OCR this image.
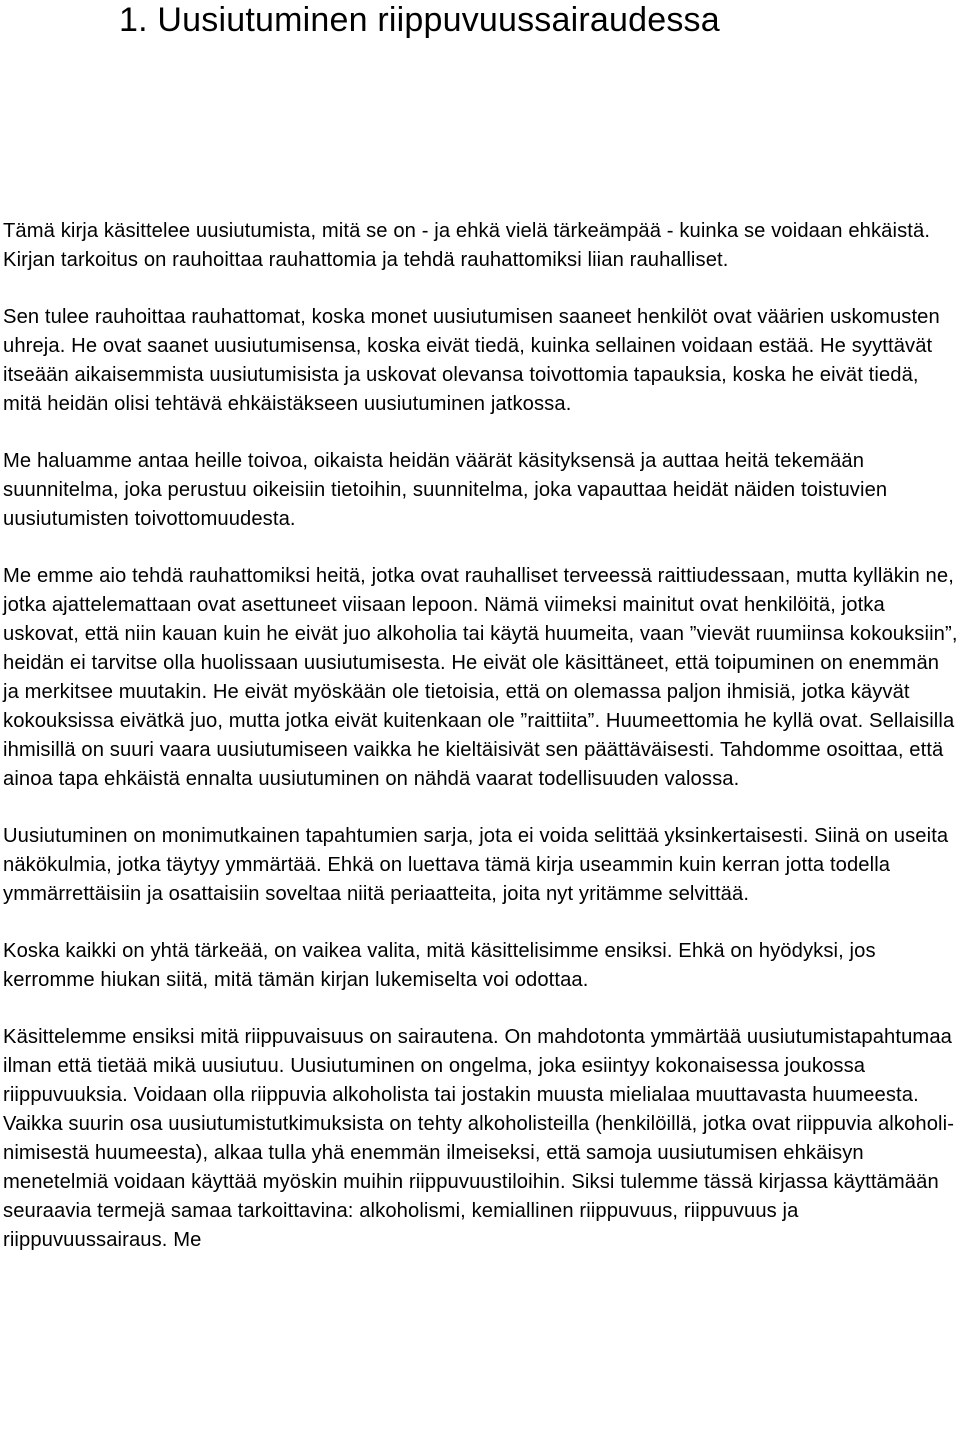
1. Uusiutuminen riippuvuussairaudessa

Tämä kirja käsittelee uusiutumista, mitä se on - ja ehkä vielä tärkeämpää - kuinka se voidaan ehkäistä. Kirjan tarkoitus on rauhoittaa rauhattomia ja tehdä rauhattomiksi liian rauhalliset.

Sen tulee rauhoittaa rauhattomat, koska monet uusiutumisen saaneet henkilöt ovat väärien uskomusten uhreja. He ovat saanet uusiutumisensa, koska eivät tiedä, kuinka sellainen voidaan estää. He syyttävät itseään aikaisemmista uusiutumisista ja uskovat olevansa toivottomia tapauksia, koska he eivät tiedä, mitä heidän olisi tehtävä ehkäistäkseen uusiutuminen jatkossa.

Me haluamme antaa heille toivoa, oikaista heidän väärät käsityksensä ja auttaa heitä tekemään suunnitelma, joka perustuu oikeisiin tietoihin, suunnitelma, joka vapauttaa heidät näiden toistuvien uusiutumisten toivottomuudesta.

Me emme aio tehdä rauhattomiksi heitä, jotka ovat rauhalliset terveessä raittiudessaan, mutta kylläkin ne, jotka ajattelemattaan ovat asettuneet viisaan lepoon. Nämä viimeksi mainitut ovat henkilöitä, jotka uskovat, että niin kauan kuin he eivät juo alkoholia tai käytä huumeita, vaan ”vievät ruumiinsa kokouksiin”, heidän ei tarvitse olla huolissaan uusiutumisesta. He eivät ole käsittäneet, että toipuminen on enemmän ja merkitsee muutakin. He eivät myöskään ole tietoisia, että on olemassa paljon ihmisiä, jotka käyvät kokouksissa eivätkä juo, mutta jotka eivät kuitenkaan ole ”raittiita”. Huumeettomia he kyllä ovat. Sellaisilla ihmisillä on suuri vaara uusiutumiseen vaikka he kieltäisivät sen päättäväisesti. Tahdomme osoittaa, että ainoa tapa ehkäistä ennalta uusiutuminen on nähdä vaarat todellisuuden valossa.

Uusiutuminen on monimutkainen tapahtumien sarja, jota ei voida selittää yksinkertaisesti. Siinä on useita näkökulmia, jotka täytyy ymmärtää. Ehkä on luettava tämä kirja useammin kuin kerran jotta todella ymmärrettäisiin ja osattaisiin soveltaa niitä periaatteita, joita nyt yritämme selvittää.

Koska kaikki on yhtä tärkeää, on vaikea valita, mitä käsittelisimme ensiksi. Ehkä on hyödyksi, jos kerromme hiukan siitä, mitä tämän kirjan lukemiselta voi odottaa.

Käsittelemme ensiksi mitä riippuvaisuus on sairautena. On mahdotonta ymmärtää uusiutumistapahtumaa ilman että tietää mikä uusiutuu. Uusiutuminen on ongelma, joka esiintyy kokonaisessa joukossa riippuvuuksia. Voidaan olla riippuvia alkoholista tai jostakin muusta mielialaa muuttavasta huumeesta. Vaikka suurin osa uusiutumistutkimuksista on tehty alkoholisteilla (henkilöillä, jotka ovat riippuvia alkoholi-nimisestä huumeesta), alkaa tulla yhä enemmän ilmeiseksi, että samoja uusiutumisen ehkäisyn menetelmiä voidaan käyttää myöskin muihin riippuvuustiloihin. Siksi tulemme tässä kirjassa käyttämään seuraavia termejä samaa tarkoittavina: alkoholismi, kemiallinen riippuvuus, riippuvuus ja riippuvuussairaus. Me
